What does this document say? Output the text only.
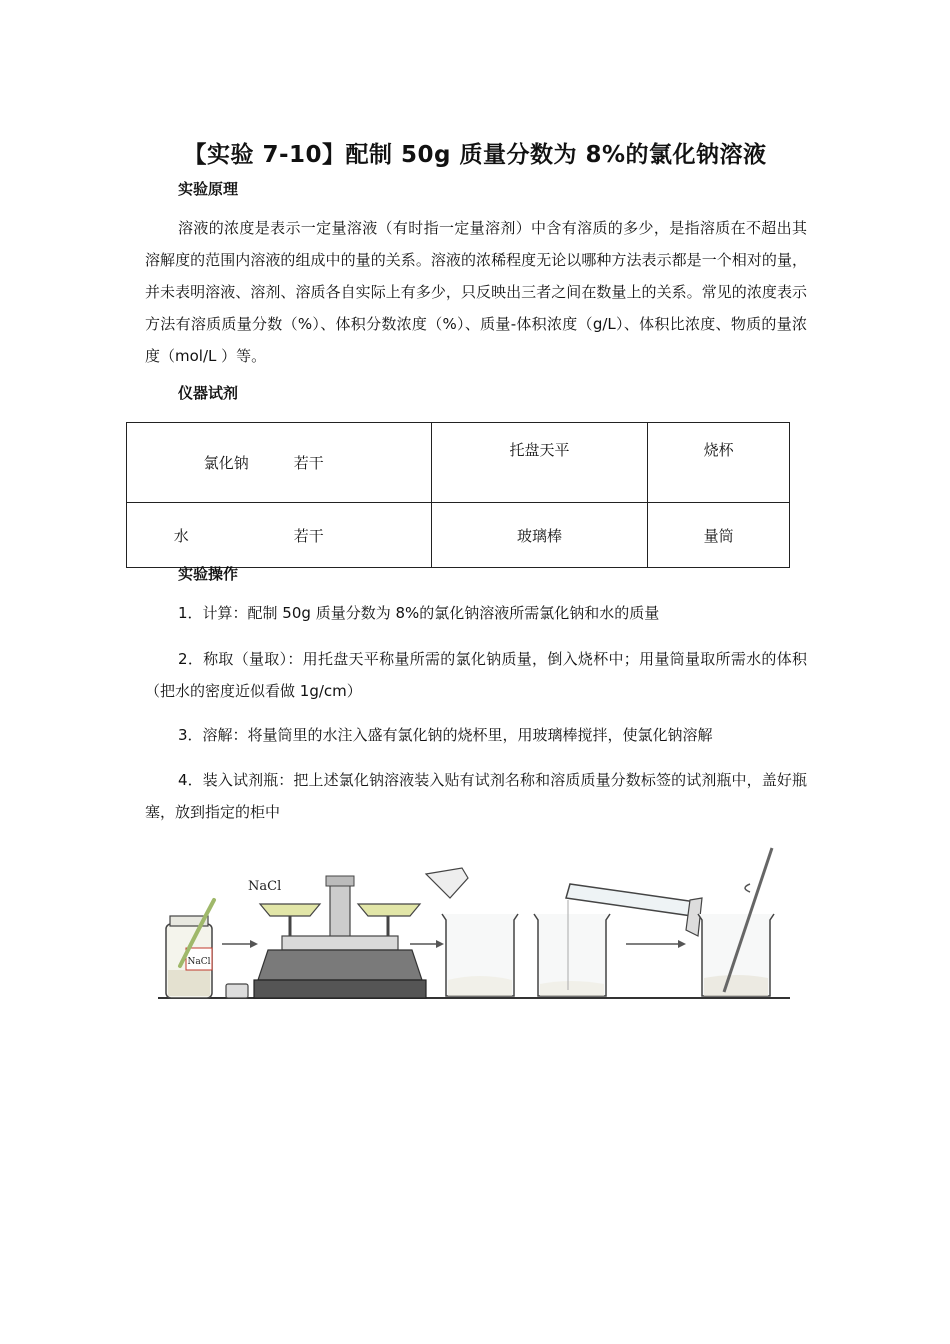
【实验 7-10】配制 50g 质量分数为 8%的氯化钠溶液
实验原理
溶液的浓度是表示一定量溶液（有时指一定量溶剂）中含有溶质的多少，是指溶质在不超出其溶解度的范围内溶液的组成中的量的关系。溶液的浓稀程度无论以哪种方法表示都是一个相对的量，并未表明溶液、溶剂、溶质各自实际上有多少，只反映出三者之间在数量上的关系。常见的浓度表示方法有溶质质量分数（%）、体积分数浓度（%）、质量-体积浓度（g/L）、体积比浓度、物质的量浓度（mol/L ）等。
仪器试剂
氯化钠 若干	托盘天平	烧杯
水 若干	玻璃棒	量筒
实验操作
1．计算：配制 50g 质量分数为 8%的氯化钠溶液所需氯化钠和水的质量
2．称取（量取）：用托盘天平称量所需的氯化钠质量，倒入烧杯中；用量筒量取所需水的体积（把水的密度近似看做 1g/cm）
3．溶解：将量筒里的水注入盛有氯化钠的烧杯里，用玻璃棒搅拌，使氯化钠溶解
4．装入试剂瓶：把上述氯化钠溶液装入贴有试剂名称和溶质质量分数标签的试剂瓶中，盖好瓶塞，放到指定的柜中
NaCl
NaCl
